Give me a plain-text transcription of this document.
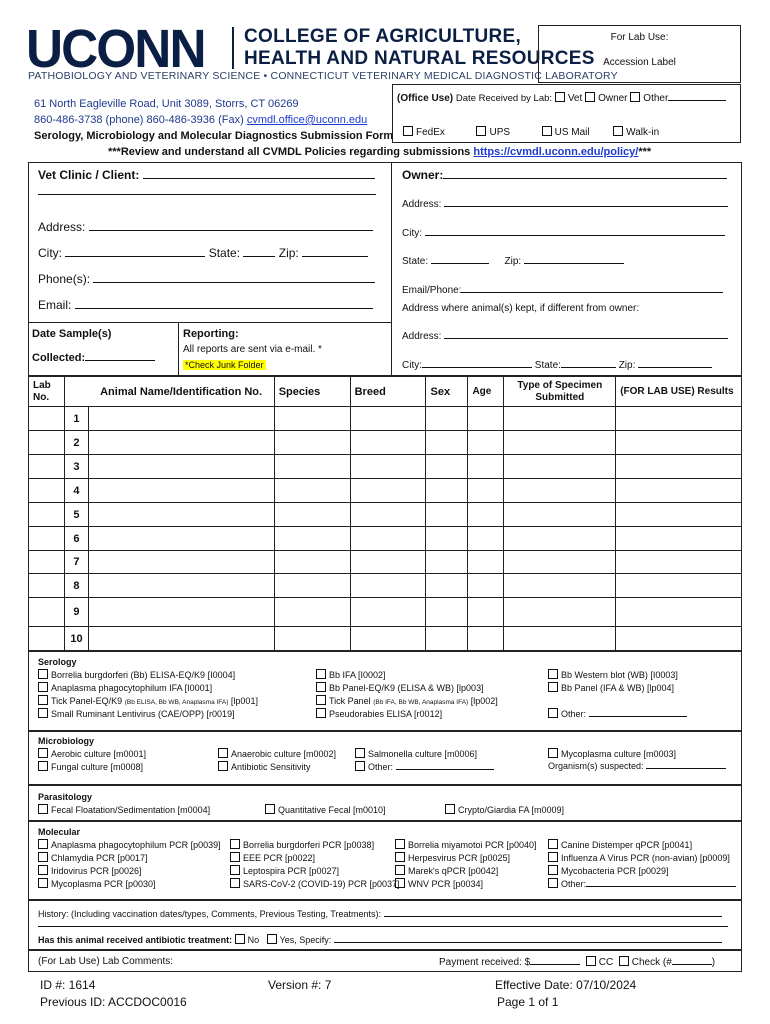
UCONN COLLEGE OF AGRICULTURE,
HEALTH AND NATURAL RESOURCES
PATHOBIOLOGY AND VETERINARY SCIENCE • CONNECTICUT VETERINARY MEDICAL DIAGNOSTIC LABORATORY
For Lab Use:
Accession Label
61 North Eagleville Road, Unit 3089, Storrs, CT 06269
860-486-3738 (phone) 860-486-3936 (Fax) cvmdl.office@uconn.edu
Serology, Microbiology and Molecular Diagnostics Submission Form
***Review and understand all CVMDL Policies regarding submissions https://cvmdl.uconn.edu/policy/***
(Office Use) Date Received by Lab: Vet Owner Other
FedEx	UPS	US Mail	Walk-in
Vet Clinic / Client:
Address:
City:	State:	Zip:
Phone(s):
Email:
Date Sample(s)
Collected:
Reporting:
All reports are sent via e-mail. *
*Check Junk Folder
Owner:
Address:
City:
State:	Zip:
Email/Phone:
Address where animal(s) kept, if different from owner:
Address:
City:	State:	Zip:
Lab No.		Animal Name/Identification No.	Species	Breed	Sex	Age	Type of Specimen Submitted	(FOR LAB USE) Results
	1							
	2							
	3							
	4							
	5							
	6							
	7							
	8							
	9							
	10							
Serology
Borrelia burgdorferi (Bb) ELISA-EQ/K9 [I0004]
Anaplasma phagocytophilum IFA [I0001]
Tick Panel-EQ/K9 (Bb ELISA, Bb WB, Anaplasma IFA) [lp001]
Small Ruminant Lentivirus (CAE/OPP) [r0019]
Bb IFA [I0002]
Bb Panel-EQ/K9 (ELISA & WB) [lp003]
Tick Panel (Bb IFA, Bb WB, Anaplasma IFA) [lp002]
Pseudorabies ELISA [r0012]
Bb Western blot (WB) [I0003]
Bb Panel (IFA & WB) [lp004]
Other:
Microbiology
Aerobic culture [m0001]
Fungal culture [m0008]
Anaerobic culture [m0002]
Antibiotic Sensitivity
Salmonella culture [m0006]
Other:
Mycoplasma culture [m0003]
Organism(s) suspected:
Parasitology
Fecal Floatation/Sedimentation [m0004]	Quantitative Fecal [m0010]	Crypto/Giardia FA [m0009]
Molecular
Anaplasma phagocytophilum PCR [p0039]
Chlamydia PCR [p0017]
Iridovirus PCR [p0026]
Mycoplasma PCR [p0030]
Borrelia burgdorferi PCR [p0038]
EEE PCR [p0022]
Leptospira PCR [p0027]
SARS-CoV-2 (COVID-19) PCR [p0037]
Borrelia miyamotoi PCR [p0040]
Herpesvirus PCR [p0025]
Marek's qPCR [p0042]
WNV PCR [p0034]
Canine Distemper qPCR [p0041]
Influenza A Virus PCR (non-avian) [p0009]
Mycobacteria PCR [p0029]
Other:
History: (Including vaccination dates/types, Comments, Previous Testing, Treatments):
Has this animal received antibiotic treatment: No Yes, Specify:
(For Lab Use) Lab Comments:	Payment received: $	CC Check (#	)
ID #: 1614
Previous ID: ACCDOC0016
Version #: 7	Effective Date: 07/10/2024
Page 1 of 1
